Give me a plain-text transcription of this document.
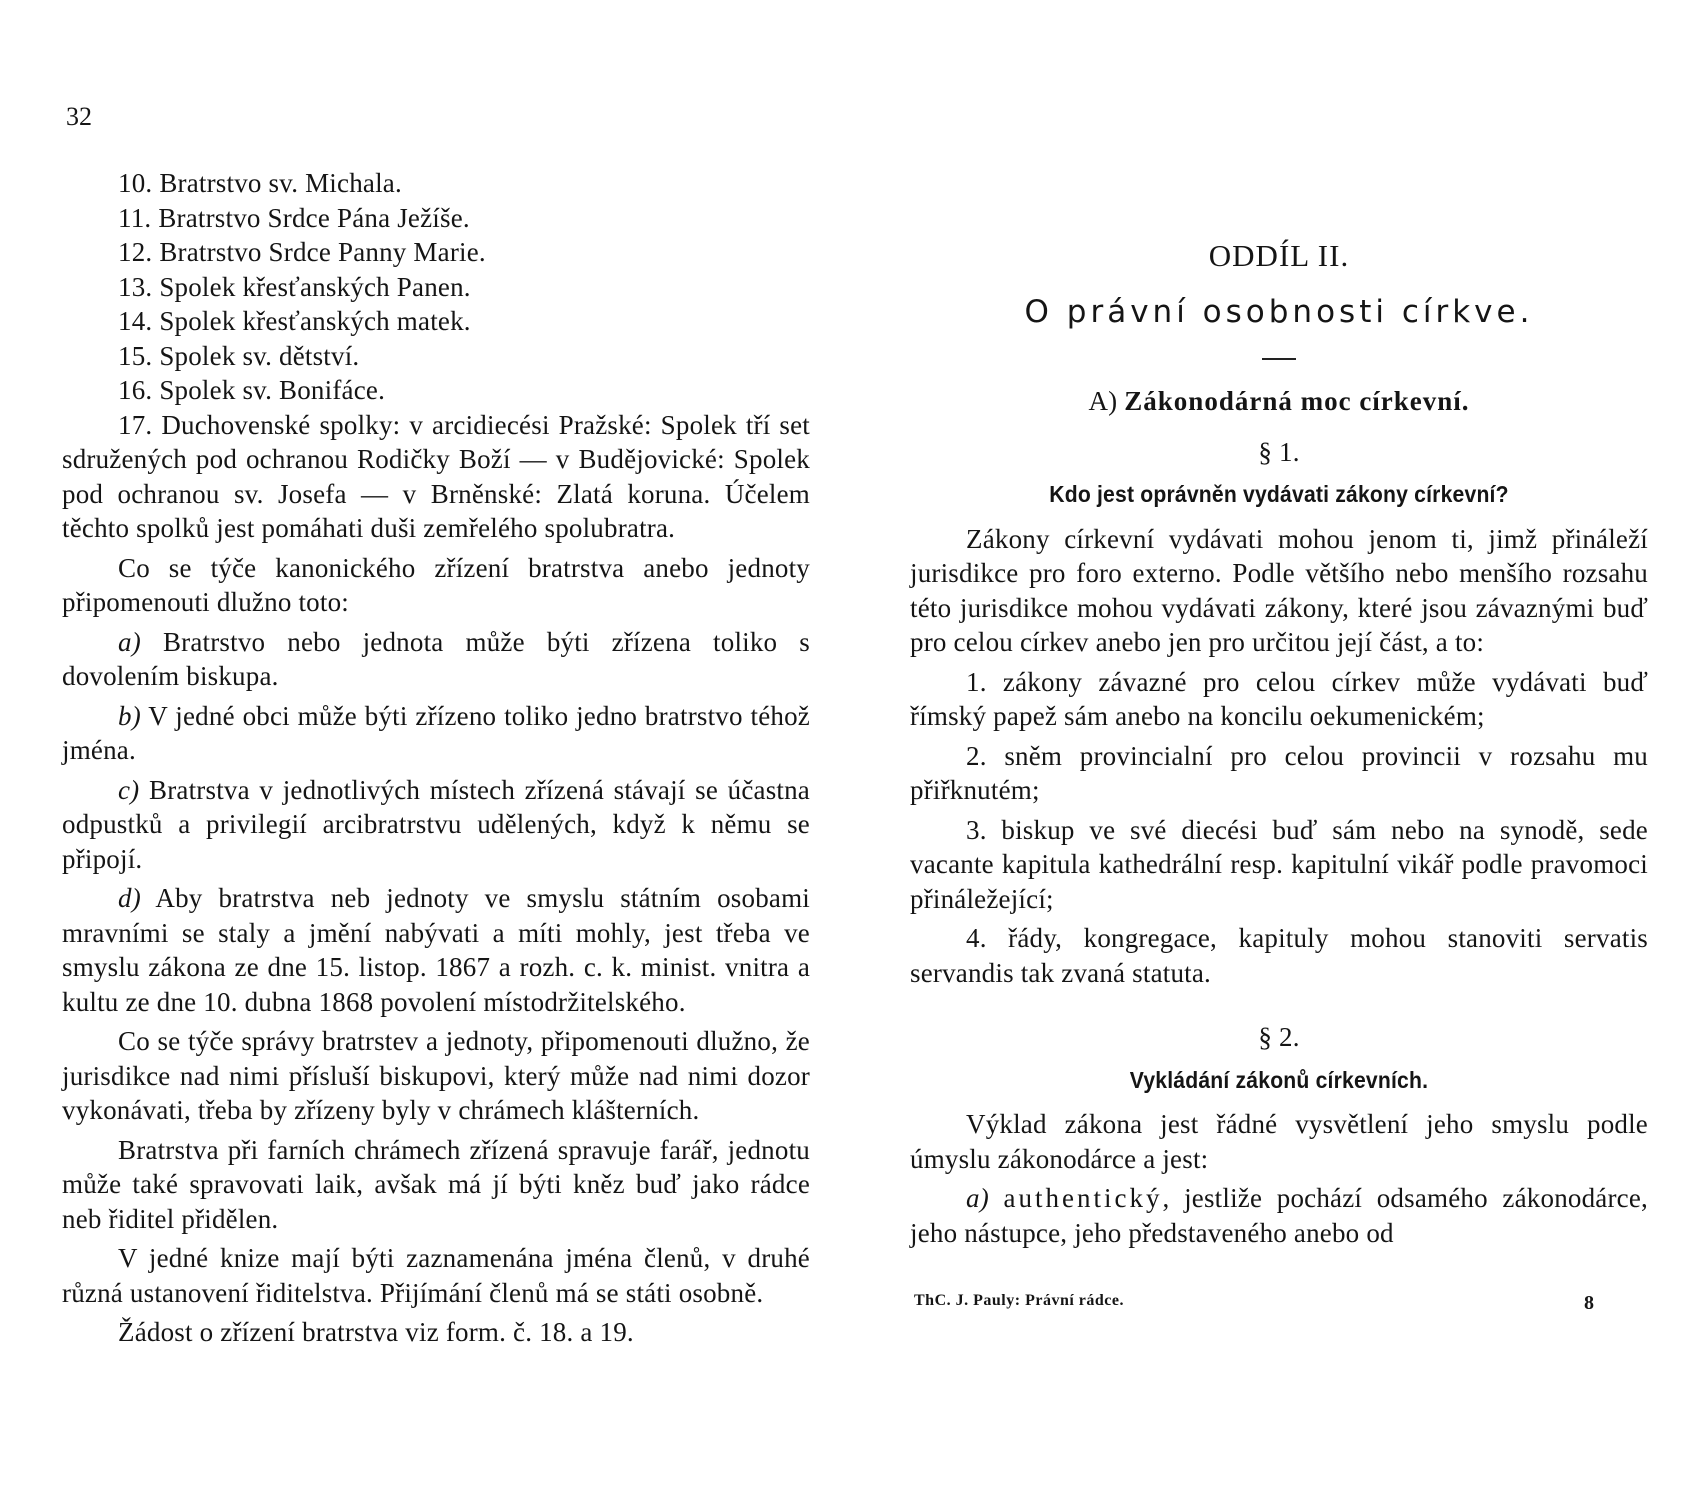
32
10. Bratrstvo sv. Michala.
11. Bratrstvo Srdce Pána Ježíše.
12. Bratrstvo Srdce Panny Marie.
13. Spolek křesťanských Panen.
14. Spolek křesťanských matek.
15. Spolek sv. dětství.
16. Spolek sv. Bonifáce.
17. Duchovenské spolky: v arcidiecési Pražské: Spolek tří set sdružených pod ochranou Rodičky Boží — v Budějovické: Spolek pod ochranou sv. Josefa — v Brněnské: Zlatá koruna. Účelem těchto spolků jest pomáhati duši zemřelého spolubratra.

Co se týče kanonického zřízení bratrstva anebo jednoty připomenouti dlužno toto:

a) Bratrstvo nebo jednota může býti zřízena toliko s dovolením biskupa.

b) V jedné obci může býti zřízeno toliko jedno bratrstvo téhož jména.

c) Bratrstva v jednotlivých místech zřízená stávají se účastna odpustků a privilegií arcibratrstvu udělených, když k němu se připojí.

d) Aby bratrstva neb jednoty ve smyslu státním osobami mravními se staly a jmění nabývati a míti mohly, jest třeba ve smyslu zákona ze dne 15. listop. 1867 a rozh. c. k. minist. vnitra a kultu ze dne 10. dubna 1868 povolení místodržitelského.

Co se týče správy bratrstev a jednoty, připomenouti dlužno, že jurisdikce nad nimi přísluší biskupovi, který může nad nimi dozor vykonávati, třeba by zřízeny byly v chrámech klášterních.

Bratrstva při farních chrámech zřízená spravuje farář, jednotu může také spravovati laik, avšak má jí býti kněz buď jako rádce neb řiditel přidělen.

V jedné knize mají býti zaznamenána jména členů, v druhé různá ustanovení řiditelstva. Přijímání členů má se státi osobně.

Žádost o zřízení bratrstva viz form. č. 18. a 19.

ODDÍL II.
O právní osobnosti církve.
A) Zákonodárná moc církevní.
§ 1.
Kdo jest oprávněn vydávati zákony církevní?

Zákony církevní vydávati mohou jenom ti, jimž přináleží jurisdikce pro foro externo. Podle většího nebo menšího rozsahu této jurisdikce mohou vydávati zákony, které jsou závaznými buď pro celou církev anebo jen pro určitou její část, a to:

1. zákony závazné pro celou církev může vydávati buď římský papež sám anebo na koncilu oekumenickém;

2. sněm provincialní pro celou provincii v rozsahu mu přiřknutém;

3. biskup ve své diecési buď sám nebo na synodě, sede vacante kapitula kathedrální resp. kapitulní vikář podle pravomoci přináležející;

4. řády, kongregace, kapituly mohou stanoviti servatis servandis tak zvaná statuta.

§ 2.
Vykládání zákonů církevních.

Výklad zákona jest řádné vysvětlení jeho smyslu podle úmyslu zákonodárce a jest:

a) authentický, jestliže pochází odsamého zákonodárce, jeho nástupce, jeho představeného anebo od

ThC. J. Pauly: Právní rádce.	8
